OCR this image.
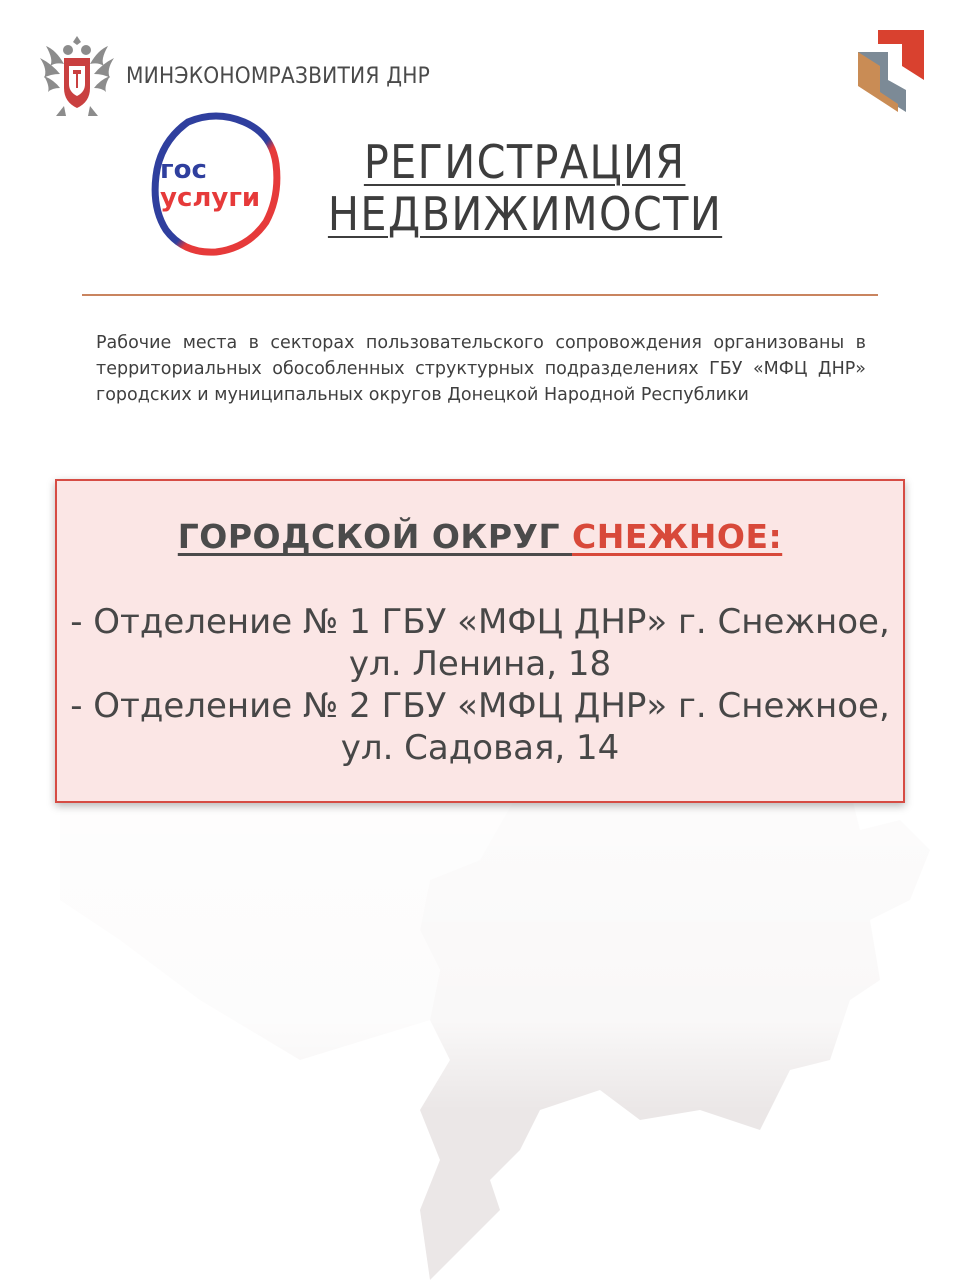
МИНЭКОНОМРАЗВИТИЯ ДНР
гос
услуги
РЕГИСТРАЦИЯ
НЕДВИЖИМОСТИ
Рабочие места в секторах пользовательского сопровождения организованы в территориальных обособленных структурных подразделениях ГБУ «МФЦ ДНР» городских и муниципальных округов Донецкой Народной Республики
ГОРОДСКОЙ ОКРУГ СНЕЖНОЕ:

- Отделение № 1 ГБУ «МФЦ ДНР» г. Снежное,
ул. Ленина, 18

- Отделение № 2 ГБУ «МФЦ ДНР» г. Снежное,
ул. Садовая, 14
